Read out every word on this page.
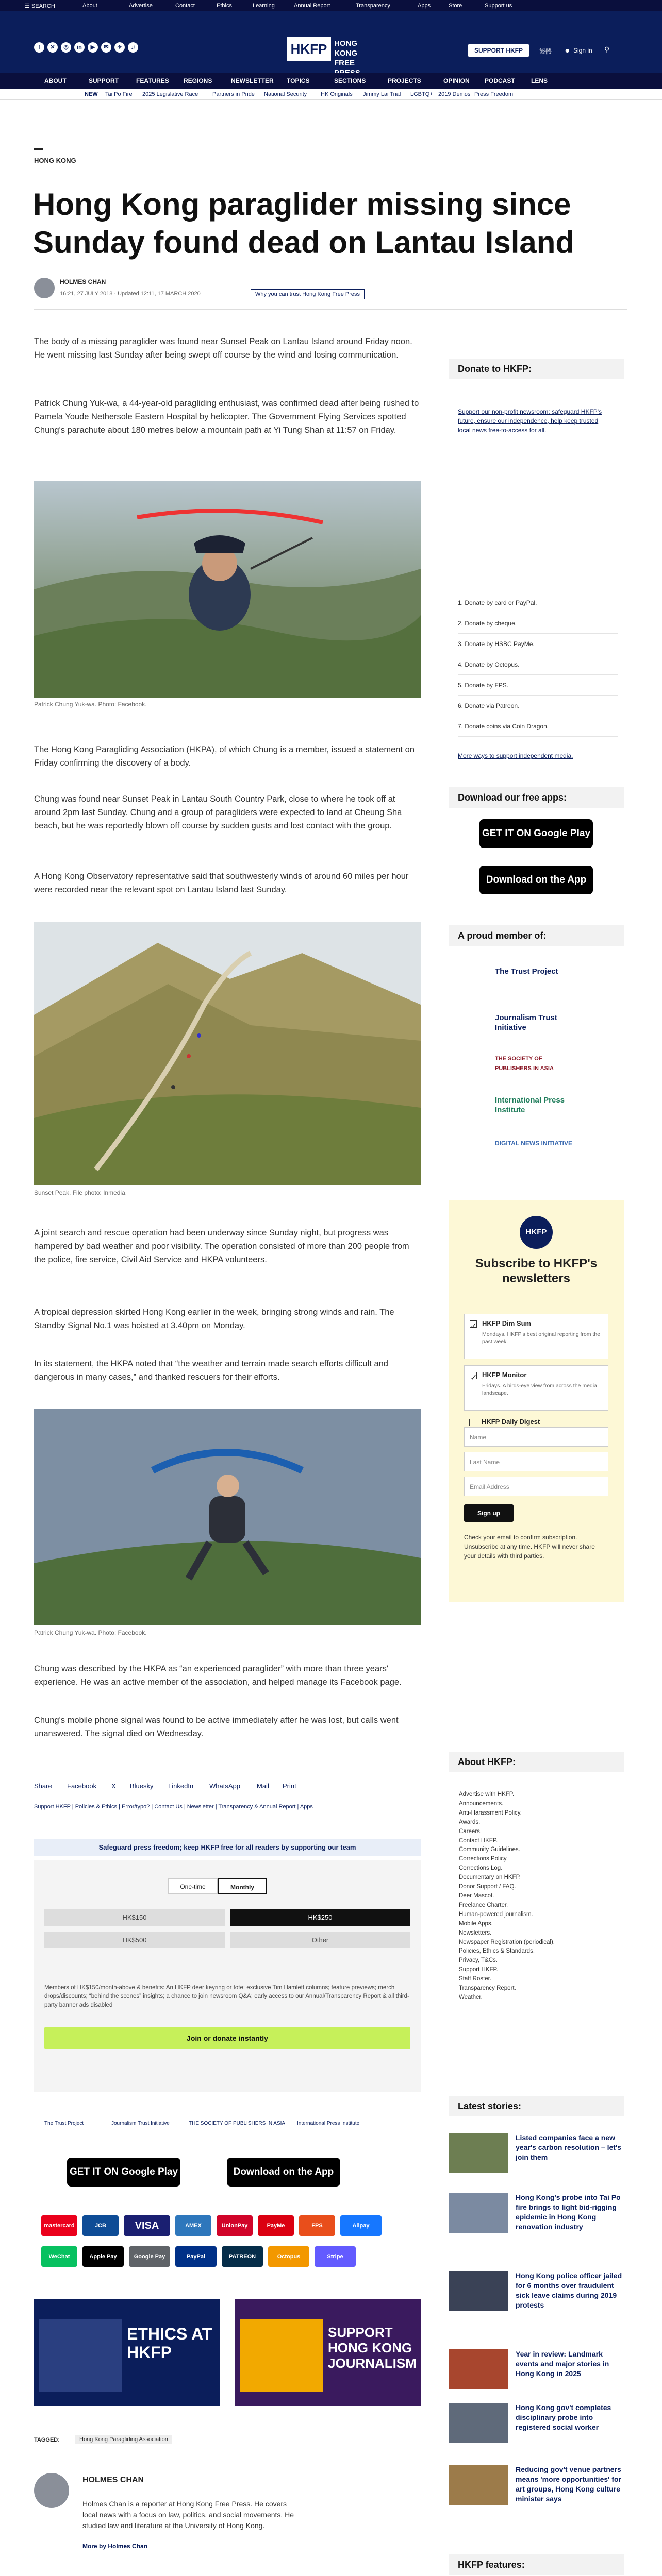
☰ SEARCH	About	Advertise	Contact	Ethics	Learning	Annual Report	Transparency	Apps	Store	Support us
f	✕	◎	in	▶	✉	✈	♫	HKFP HONG KONG FREE
SUPPORT HKFP	繁體 ☻ Sign in ⚲
ABOUT	SUPPORT	FEATURES REGIONS	NEWSLETTER TOPICS	SECTIONS	PROJECTS	OPINION PODCAST	LENS
NEW Tai Po Fire 2025 Legislative Race	Partners in Pride National Security HK Originals Jimmy Lai Trial LGBTQ+ 2019 Demos Press Freedom
HONG KONG
Hong Kong paraglider missing since Sunday found dead on Lantau Island
HOLMES CHAN
16:21, 27 JULY 2018 · Updated 12:11, 17 MARCH 2020	Why you can trust Hong Kong Free Press

The body of a missing paraglider was found near Sunset Peak on Lantau Island around Friday noon. He went missing last Sunday after being swept off course by the wind and losing communication.

Patrick Chung Yuk-wa, a 44-year-old paragliding enthusiast, was confirmed dead after being rushed to Pamela Youde Nethersole Eastern Hospital by helicopter. The Government Flying Services spotted Chung's parachute about 180 metres below a mountain path at Yi Tung Shan at 11:57 on Friday.

Patrick Chung Yuk-wa. Photo: Facebook.

The Hong Kong Paragliding Association (HKPA), of which Chung is a member, issued a statement on Friday confirming the discovery of a body.

Chung was found near Sunset Peak in Lantau South Country Park, close to where he took off at around 2pm last Sunday. Chung and a group of paragliders were expected to land at Cheung Sha beach, but he was reportedly blown off course by sudden gusts and lost contact with the group.

A Hong Kong Observatory representative said that southwesterly winds of around 60 miles per hour were recorded near the relevant spot on Lantau Island last Sunday.

Sunset Peak. File photo: Inmedia.

A joint search and rescue operation had been underway since Sunday night, but progress was hampered by bad weather and poor visibility. The operation consisted of more than 200 people from the police, fire service, Civil Aid Service and HKPA volunteers.

A tropical depression skirted Hong Kong earlier in the week, bringing strong winds and rain. The Standby Signal No.1 was hoisted at 3.40pm on Monday.

In its statement, the HKPA noted that “the weather and terrain made search efforts difficult and dangerous in many cases,” and thanked rescuers for their efforts.

Patrick Chung Yuk-wa. Photo: Facebook.

Chung was described by the HKPA as “an experienced paraglider” with more than three years' experience. He was an active member of the association, and helped manage its Facebook page.

Chung's mobile phone signal was found to be active immediately after he was lost, but calls went unanswered. The signal died on Wednesday.

Share Facebook X Bluesky LinkedIn WhatsApp Mail Print
Support HKFP | Policies & Ethics | Error/typo? | Contact Us | Newsletter | Transparency & Annual Report | Apps
Safeguard press freedom; keep HKFP free for all readers by supporting our team
One-time	Monthly
HK$150	HK$250
HK$500	Other
Members of HK$150/month-above & benefits: An HKFP deer keyring or tote; exclusive Tim Hamlett columns; feature previews; merch drops/discounts; “behind the scenes” insights; a chance to join newsroom Q&A; early access to our Annual/Transparency Report & all third-party banner ads disabled
Join or donate instantly
The Trust Project	Journalism Trust Initiative	THE SOCIETY OF PUBLISHERS IN ASIA International Press Institute
GET IT ON Google Play	Download on the App Store
mastercard	JCB	VISA	AMEX	UnionPay	PayMe	FPS	Alipay
WeChat	Apple Pay	Google Pay	PayPal	PATREON	Octopus	Stripe
ETHICS AT HKFP
SUPPORT HONG KONG JOURNALISM
TAGGED:	Hong Kong Paragliding Association
HOLMES CHAN
Holmes Chan is a reporter at Hong Kong Free Press. He covers local news with a focus on law, politics, and social movements. He studied law and literature at the University of Hong Kong.
More by Holmes Chan
Donate to HKFP:
Support our non-profit newsroom: safeguard HKFP's future, ensure our independence, help keep trusted local news free-to-access for all.
1. Donate by card or PayPal.
2. Donate by cheque.
3. Donate by HSBC PayMe.
4. Donate by Octopus.
5. Donate by FPS.
6. Donate via Patreon.
7. Donate coins via Coin Dragon.
More ways to support independent media.
Download our free apps:
GET IT ON Google Play
Download on the App Store
A proud member of:
The Trust Project
Journalism Trust Initiative
THE SOCIETY OF PUBLISHERS IN ASIA
International Press Institute
DIGITAL NEWS INITIATIVE
HKFP
Subscribe to HKFP's newsletters
✓ HKFP Dim Sum
Mondays. HKFP's best original reporting from the past week.
✓ HKFP Monitor
Fridays. A birds-eye view from across the media landscape.
HKFP Daily Digest
Name
Last Name
Email Address
Sign up
Check your email to confirm subscription. Unsubscribe at any time. HKFP will never share your details with third parties.
About HKFP:
Advertise with HKFP.
Announcements.
Anti-Harassment Policy.
Awards.
Careers.
Contact HKFP.
Community Guidelines.
Corrections Policy.
Corrections Log.
Documentary on HKFP.
Donor Support / FAQ.
Deer Mascot.
Freelance Charter.
Human-powered journalism.
Mobile Apps.
Newsletters.
Newspaper Registration (periodical).
Policies, Ethics & Standards.
Privacy, T&Cs.
Support HKFP.
Staff Roster.
Transparency Report.
Weather.
Latest stories:
Listed companies face a new year's carbon resolution – let's join them
Hong Kong's probe into Tai Po fire brings to light bid-rigging epidemic in Hong Kong renovation industry
Hong Kong police officer jailed for 6 months over fraudulent sick leave claims during 2019 protests
Year in review: Landmark events and major stories in Hong Kong in 2025
Hong Kong gov't completes disciplinary probe into registered social worker
Reducing gov't venue partners means 'more opportunities' for art groups, Hong Kong culture minister says
HKFP features:
